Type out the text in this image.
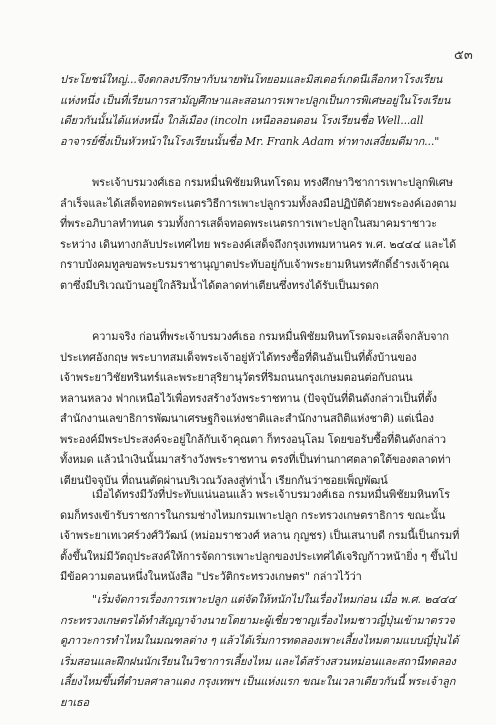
๕๓

ประโยชน์ใหญ่...จึงตกลงปรึกษากับนายพันโทยอมและมิสเตอร์เกดนีเลือกหาโรงเรียนแห่งหนึ่ง เป็นที่เรียนการสามัญศึกษาและสอนการเพาะปลูกเป็นการพิเศษอยู่ในโรงเรียนเดียวกันนั้นได้แห่งหนึ่ง ใกล้เมือง (incoln เหนือลอนดอน โรงเรียนชื่อ Well...all อาจารย์ซึ่งเป็นหัวหน้าในโรงเรียนนั้นชื่อ Mr. Frank Adam ท่าทางเสงี่ยมดีมาก..."

พระเจ้าบรมวงศ์เธอ กรมหมื่นพิชัยมหินทโรดม ทรงศึกษาวิชาการเพาะปลูกพิเศษ ลำเร็จและได้เสด็จทอดพระเนตรวิธีการเพาะปลูกรวมทั้งลงมือปฏิบัติด้วยพระองค์เองตามที่พระอภิบาลทำทนต รวมทั้งการเสด็จทอดพระเนตรการเพาะปลูกในสมาคมราชาวะระหว่าง เดินทางกลับประเทศไทย พระองค์เสด็จถึงกรุงเทพมหานคร พ.ศ. ๒๔๔๔ และได้กราบบังคมทูลขอพระบรมราชานุญาตประทับอยู่กับเจ้าพระยามหินทรศักดิ์ธำรงเจ้าคุณตาซึ่งมีบริเวณบ้านอยู่ใกล้ริมน้ำได้ตลาดท่าเตียนซึ่งทรงได้รับเป็นมรดก

ความจริง ก่อนที่พระเจ้าบรมวงศ์เธอ กรมหมื่นพิชัยมหินทโรดมจะเสด็จกลับจากประเทศอังกฤษ พระบาทสมเด็จพระเจ้าอยู่หัวได้ทรงซื้อที่ดินอันเป็นที่ตั้งบ้านของเจ้าพระยาวิชัยทรินทร์และพระยาสุริยานุวัตรที่ริมถนนกรุงเกษมตอนต่อกับถนนหลานหลวง ฟากเหนือไว้เพื่อทรงสร้างวังพระราชทาน (ปัจจุบันที่ดินดังกล่าวเป็นที่ตั้งสำนักงานเลขาธิการพัฒนาเศรษฐกิจแห่งชาติและสำนักงานสถิติแห่งชาติ) แต่เนื่องพระองค์มีพระประสงค์จะอยู่ใกล้กับเจ้าคุณตา ก็ทรงอนุโลม โดยขอรับซื้อที่ดินดังกล่าวทั้งหมด แล้วนำเงินนั้นมาสร้างวังพระราชทาน ตรงที่เป็นท่านกาศตลาดใต้ของตลาดท่าเตียนปัจจุบัน ที่ถนนตัดผ่านบริเวณวังลงสู่ท่าน้ำ เรียกกันว่าซอยเพ็ญพัฒน์

เมื่อได้ทรงมีวังที่ประทับแน่นอนแล้ว พระเจ้าบรมวงศ์เธอ กรมหมื่นพิชัยมหินทโรดมก็ทรงเข้ารับราชการในกรมช่างไหมกรมเพาะปลูก กระทรวงเกษตราธิการ ขณะนั้นเจ้าพระยาเทเวศร์วงศ์วิวัฒน์ (หม่อมราชวงศ์ หลาน กุญชร) เป็นเสนาบดี กรมนี้เป็นกรมที่ตั้งขึ้นใหม่มีวัตถุประสงค์ให้การจัดการเพาะปลูกของประเทศได้เจริญก้าวหน้ายิ่ง ๆ ขึ้นไป มีข้อความตอนหนึ่งในหนังสือ "ประวัติกระทรวงเกษตร" กล่าวไว้ว่า

"เริ่มจัดการเรื่องการเพาะปลูก แต่จัดให้หนักไปในเรื่องไหมก่อน เมื่อ พ.ศ. ๒๔๔๔ กระทรวงเกษตรได้ทำสัญญาจ้างนายโตยามะผู้เชี่ยวชาญเรื่องไหมชาวญี่ปุ่นเข้ามาตรวจดูภาวะการทำไหมในมณฑลต่าง ๆ แล้วได้เริ่มการทดลองเพาะเลี้ยงไหมตามแบบญี่ปุ่นได้เริ่มสอนและฝึกฝนนักเรียนในวิชาการเลี้ยงไหม และได้สร้างสวนหม่อนและสถานีทดลองเลี้ยงไหมขึ้นที่ตำบลศาลาแดง กรุงเทพฯ เป็นแห่งแรก ขณะในเวลาเดียวกันนี้ พระเจ้าลูกยาเธอ
